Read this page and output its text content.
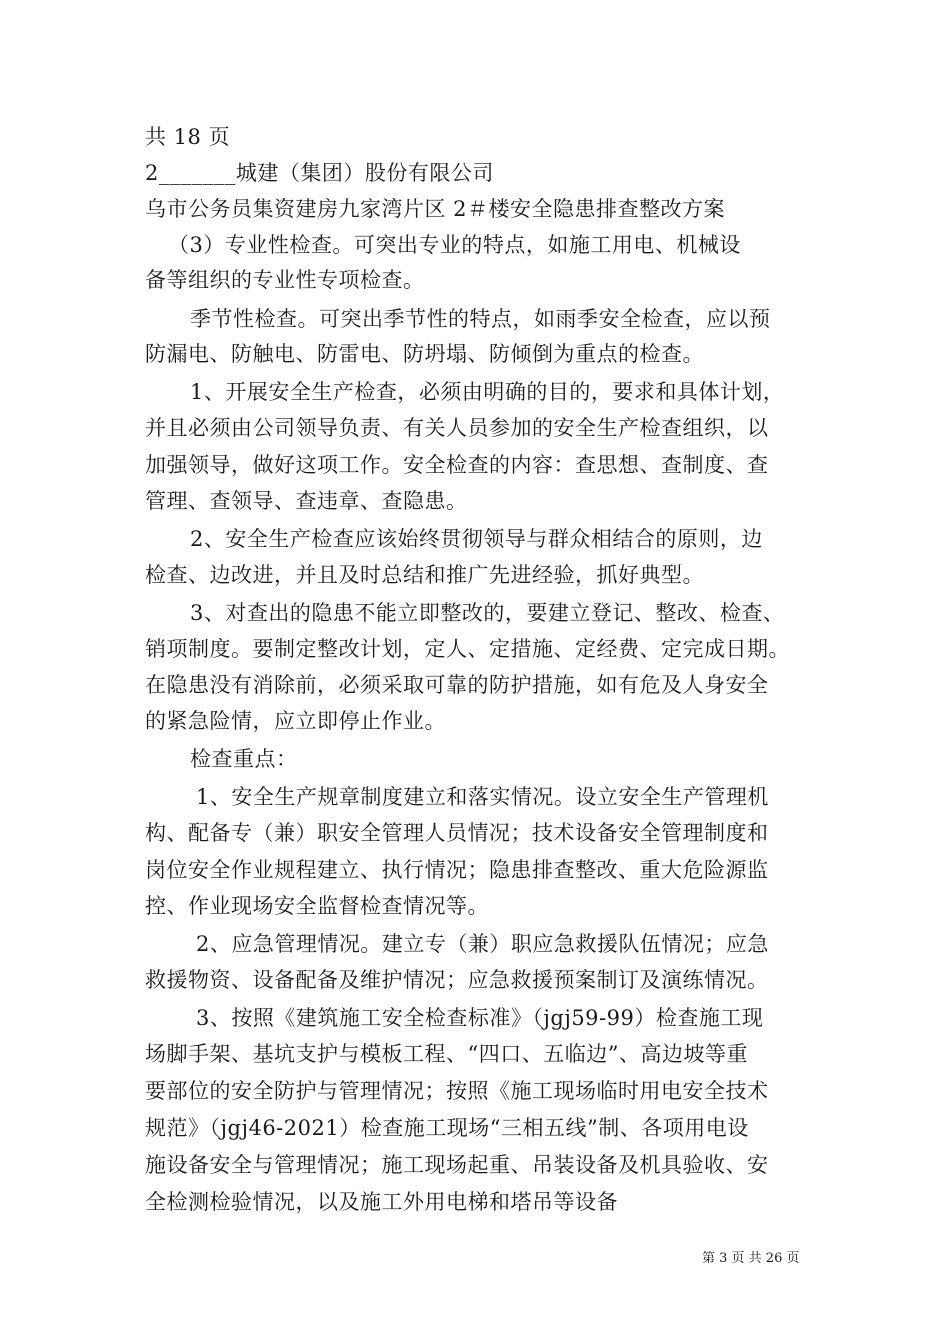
共 18 页
2_______城建（集团）股份有限公司
乌市公务员集资建房九家湾片区 2＃楼安全隐患排查整改方案
（3）专业性检查。可突出专业的特点，如施工用电、机械设
备等组织的专业性专项检查。
季节性检查。可突出季节性的特点，如雨季安全检查，应以预
防漏电、防触电、防雷电、防坍塌、防倾倒为重点的检查。
1、开展安全生产检查，必须由明确的目的，要求和具体计划，
并且必须由公司领导负责、有关人员参加的安全生产检查组织，以
加强领导，做好这项工作。安全检查的内容：查思想、查制度、查
管理、查领导、查违章、查隐患。
2、安全生产检查应该始终贯彻领导与群众相结合的原则，边
检查、边改进，并且及时总结和推广先进经验，抓好典型。
3、对查出的隐患不能立即整改的，要建立登记、整改、检查、
销项制度。要制定整改计划，定人、定措施、定经费、定完成日期。
在隐患没有消除前，必须采取可靠的防护措施，如有危及人身安全
的紧急险情，应立即停止作业。
检查重点：
1、安全生产规章制度建立和落实情况。设立安全生产管理机
构、配备专（兼）职安全管理人员情况；技术设备安全管理制度和
岗位安全作业规程建立、执行情况；隐患排查整改、重大危险源监
控、作业现场安全监督检查情况等。
2、应急管理情况。建立专（兼）职应急救援队伍情况；应急
救援物资、设备配备及维护情况；应急救援预案制订及演练情况。
3、按照《建筑施工安全检查标准》（jgj59-99）检查施工现
场脚手架、基坑支护与模板工程、“四口、五临边”、高边坡等重
要部位的安全防护与管理情况；按照《施工现场临时用电安全技术
规范》（jgj46-2021）检查施工现场“三相五线”制、各项用电设
施设备安全与管理情况；施工现场起重、吊装设备及机具验收、安
全检测检验情况，以及施工外用电梯和塔吊等设备
第 3 页 共 26 页
